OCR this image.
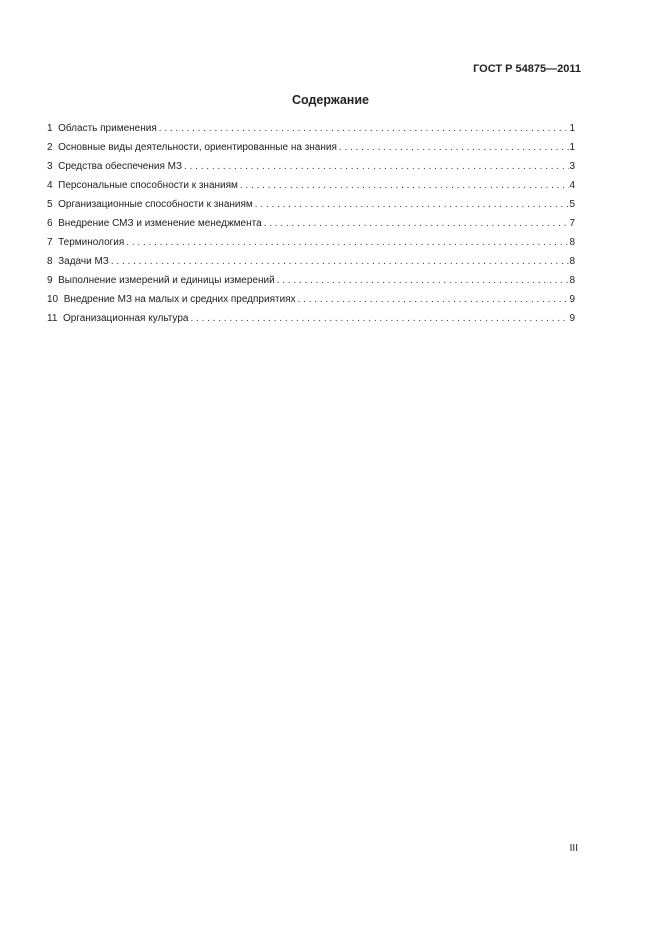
ГОСТ Р 54875—2011
Содержание
1 Область применения . . .	1
2 Основные виды деятельности, ориентированные на знания . . .	1
3 Средства обеспечения МЗ . . .	3
4 Персональные способности к знаниям . . .	4
5 Организационные способности к знаниям . . .	5
6 Внедрение СМЗ и изменение менеджмента . . .	7
7 Терминология . . .	8
8 Задачи МЗ . . .	8
9 Выполнение измерений и единицы измерений . . .	8
10 Внедрение МЗ на малых и средних предприятиях . . .	9
11 Организационная культура . . .	9
III
